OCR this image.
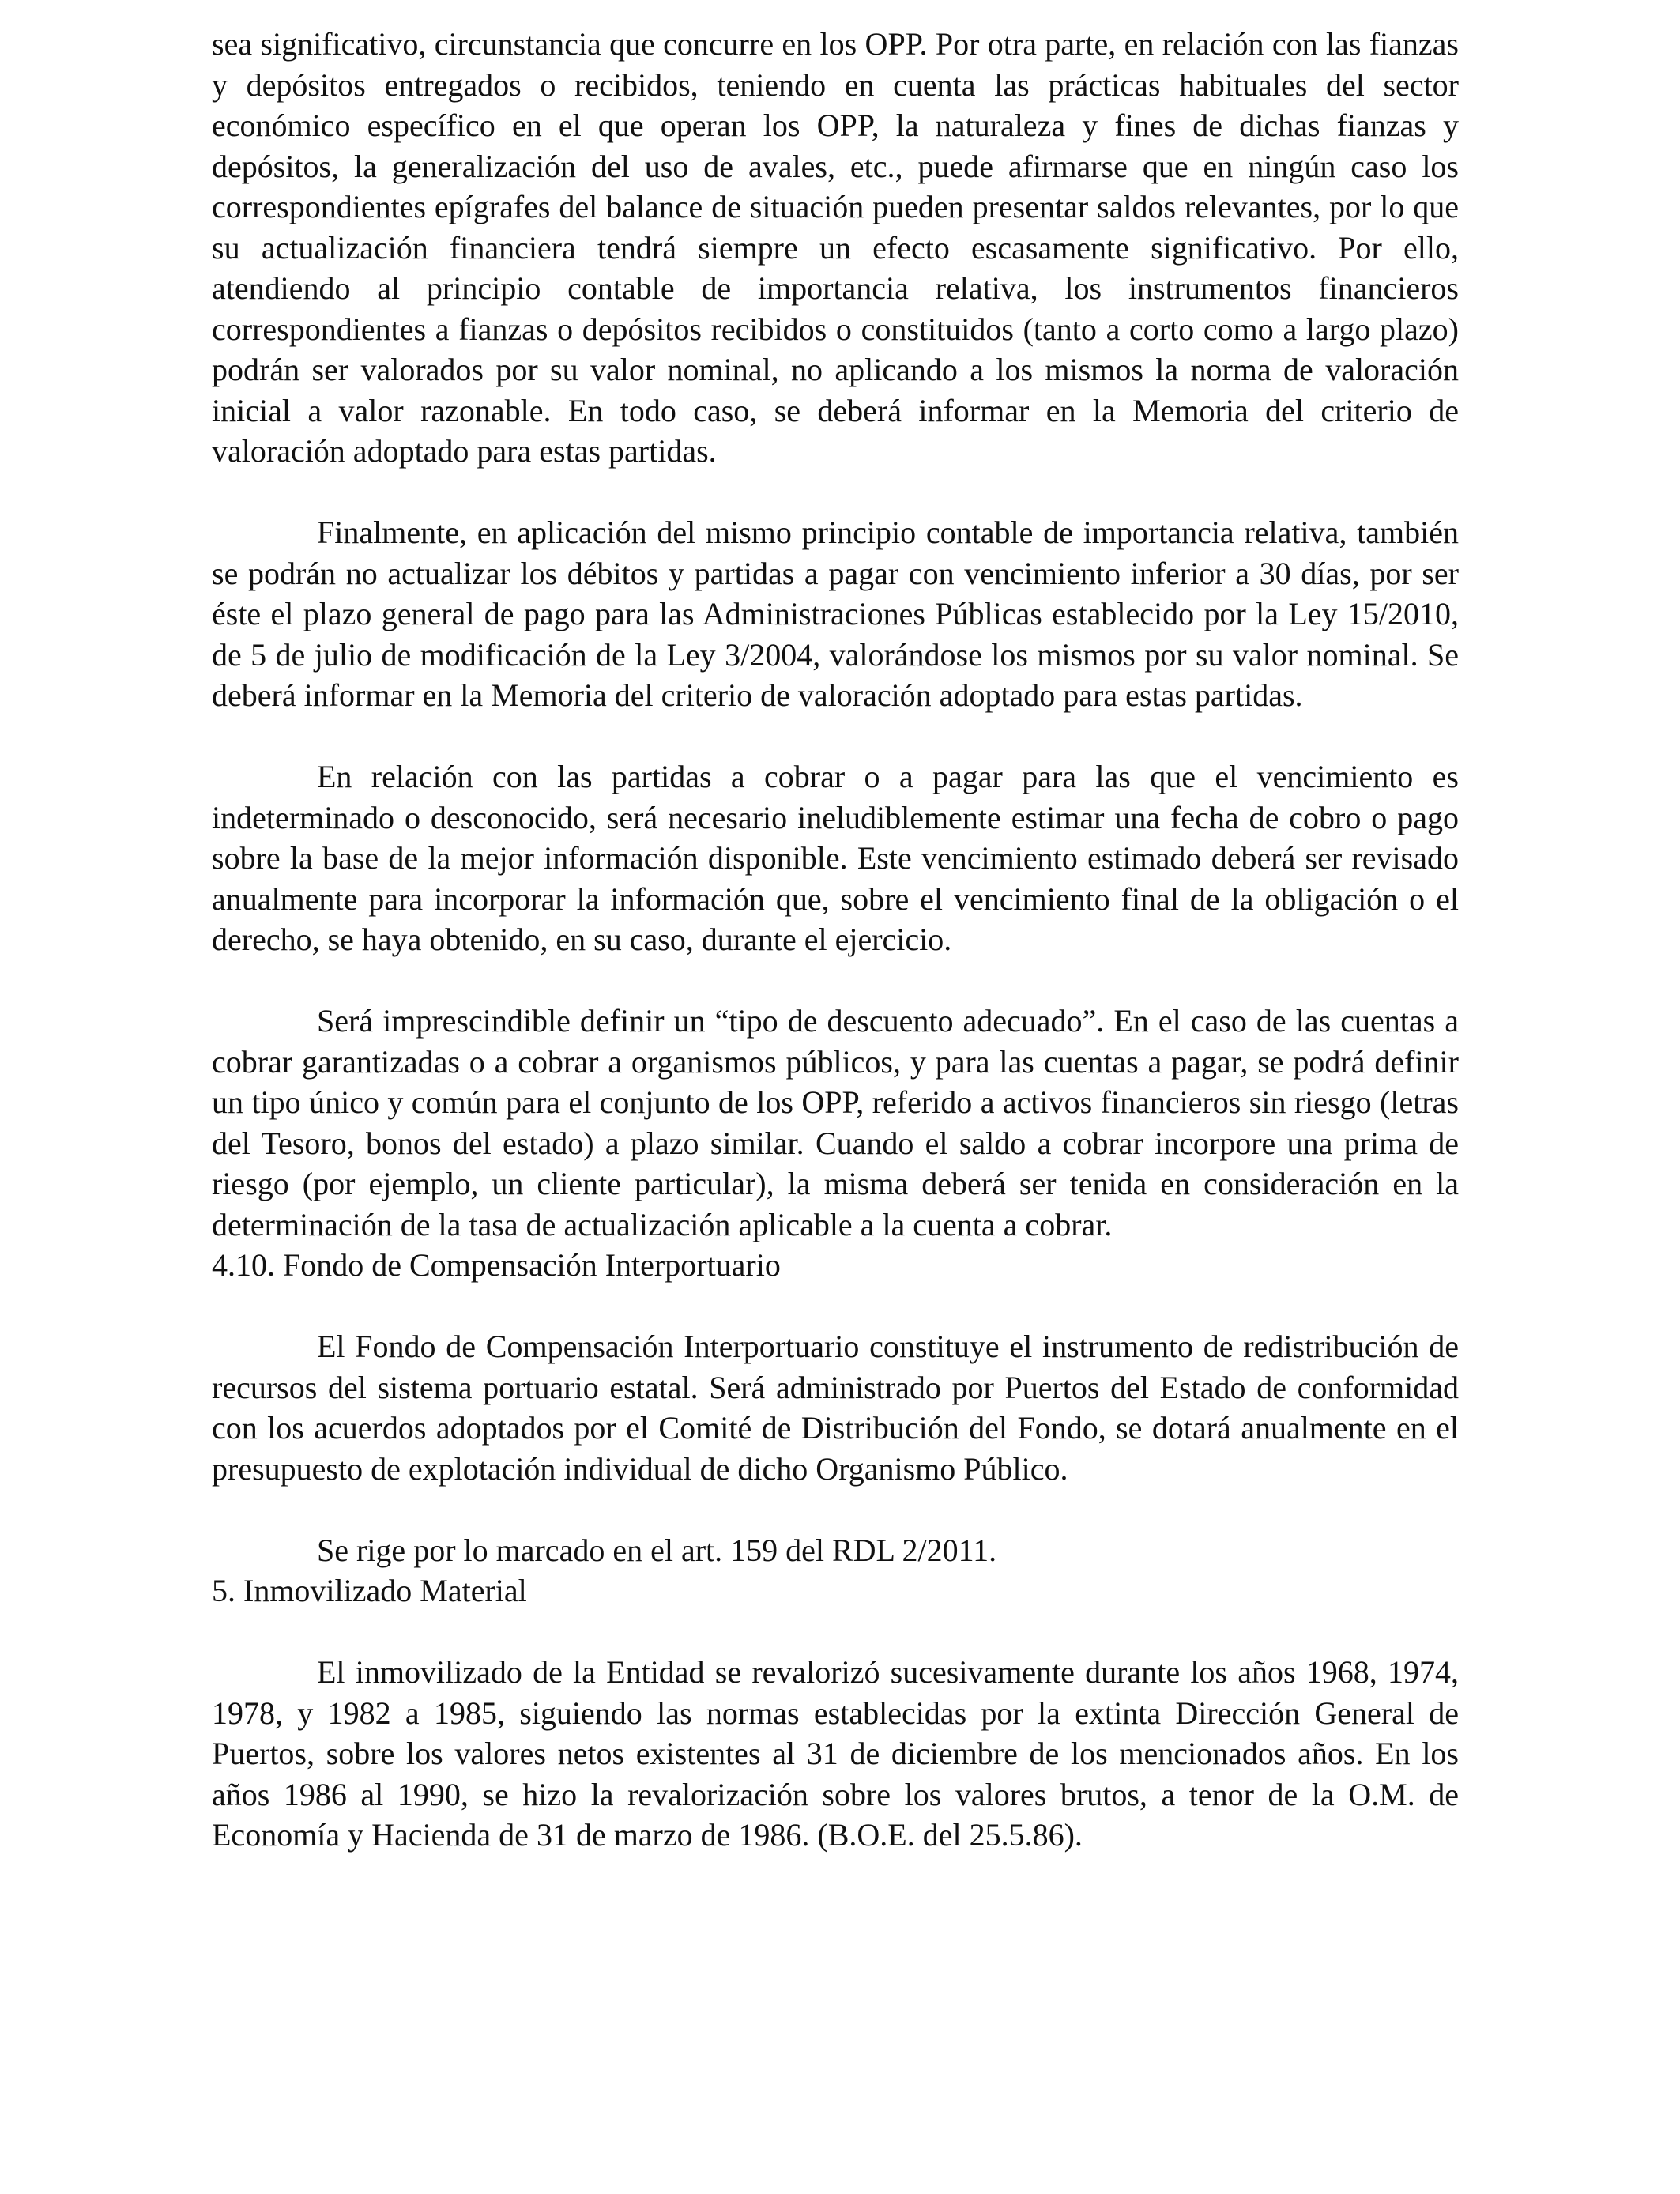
sea significativo, circunstancia que concurre en los OPP. Por otra parte, en relación con las fianzas y depósitos entregados o recibidos, teniendo en cuenta las prácticas habituales del sector económico específico en el que operan los OPP, la naturaleza y fines de dichas fianzas y depósitos, la generalización del uso de avales, etc., puede afirmarse que en ningún caso los correspondientes epígrafes del balance de situación pueden presentar saldos relevantes, por lo que su actualización financiera tendrá siempre un efecto escasamente significativo. Por ello, atendiendo al principio contable de importancia relativa, los instrumentos financieros correspondientes a fianzas o depósitos recibidos o constituidos (tanto a corto como a largo plazo) podrán ser valorados por su valor nominal, no aplicando a los mismos la norma de valoración inicial a valor razonable. En todo caso, se deberá informar en la Memoria del criterio de valoración adoptado para estas partidas.

Finalmente, en aplicación del mismo principio contable de importancia relativa, también se podrán no actualizar los débitos y partidas a pagar con vencimiento inferior a 30 días, por ser éste el plazo general de pago para las Administraciones Públicas establecido por la Ley 15/2010, de 5 de julio de modificación de la Ley 3/2004, valorándose los mismos por su valor nominal. Se deberá informar en la Memoria del criterio de valoración adoptado para estas partidas.

En relación con las partidas a cobrar o a pagar para las que el vencimiento es indeterminado o desconocido, será necesario ineludiblemente estimar una fecha de cobro o pago sobre la base de la mejor información disponible. Este vencimiento estimado deberá ser revisado anualmente para incorporar la información que, sobre el vencimiento final de la obligación o el derecho, se haya obtenido, en su caso, durante el ejercicio.

Será imprescindible definir un “tipo de descuento adecuado”. En el caso de las cuentas a cobrar garantizadas o a cobrar a organismos públicos, y para las cuentas a pagar, se podrá definir un tipo único y común para el conjunto de los OPP, referido a activos financieros sin riesgo (letras del Tesoro, bonos del estado) a plazo similar. Cuando el saldo a cobrar incorpore una prima de riesgo (por ejemplo, un cliente particular), la misma deberá ser tenida en consideración en la determinación de la tasa de actualización aplicable a la cuenta a cobrar.

4.10. Fondo de Compensación Interportuario

El Fondo de Compensación Interportuario constituye el instrumento de redistribución de recursos del sistema portuario estatal. Será administrado por Puertos del Estado de conformidad con los acuerdos adoptados por el Comité de Distribución del Fondo, se dotará anualmente en el presupuesto de explotación individual de dicho Organismo Público.

Se rige por lo marcado en el art. 159 del RDL 2/2011.

5. Inmovilizado Material

El inmovilizado de la Entidad se revalorizó sucesivamente durante los años 1968, 1974, 1978, y 1982 a 1985, siguiendo las normas establecidas por la extinta Dirección General de Puertos, sobre los valores netos existentes al 31 de diciembre de los mencionados años. En los años 1986 al 1990, se hizo la revalorización sobre los valores brutos, a tenor de la O.M. de Economía y Hacienda de 31 de marzo de 1986. (B.O.E. del 25.5.86).
